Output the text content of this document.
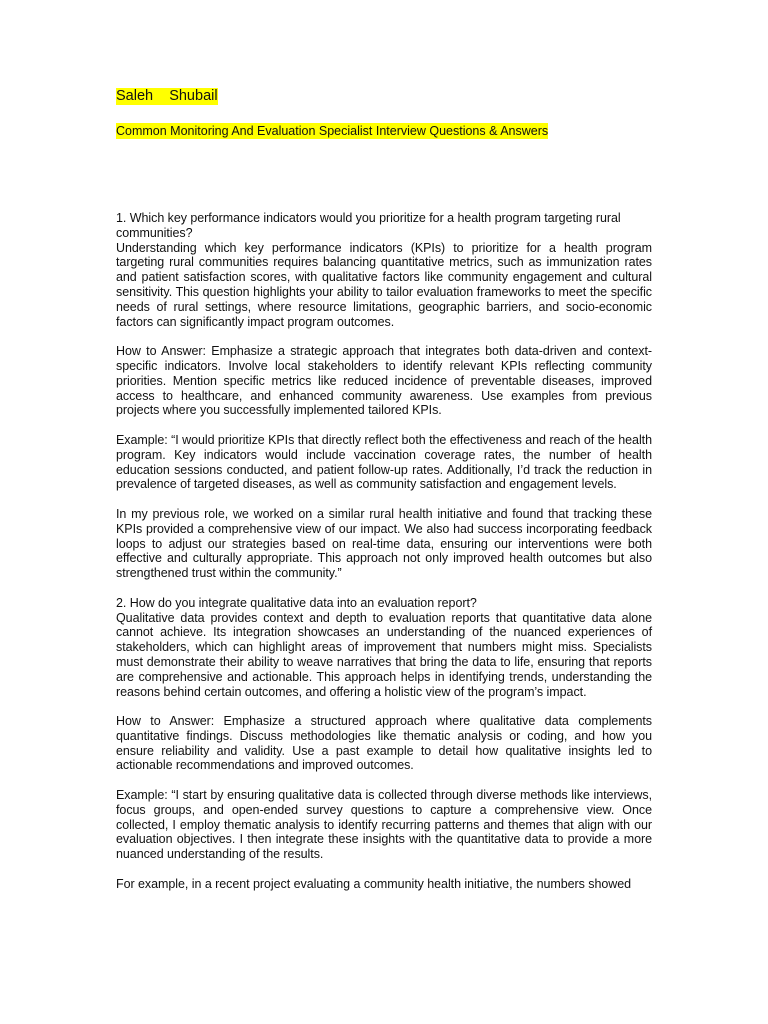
Saleh    Shubail
Common Monitoring And Evaluation Specialist Interview Questions & Answers

1. Which key performance indicators would you prioritize for a health program targeting rural communities?

Understanding which key performance indicators (KPIs) to prioritize for a health program targeting rural communities requires balancing quantitative metrics, such as immunization rates and patient satisfaction scores, with qualitative factors like community engagement and cultural sensitivity. This question highlights your ability to tailor evaluation frameworks to meet the specific needs of rural settings, where resource limitations, geographic barriers, and socio-economic factors can significantly impact program outcomes.

How to Answer: Emphasize a strategic approach that integrates both data-driven and context-specific indicators. Involve local stakeholders to identify relevant KPIs reflecting community priorities. Mention specific metrics like reduced incidence of preventable diseases, improved access to healthcare, and enhanced community awareness. Use examples from previous projects where you successfully implemented tailored KPIs.

Example: “I would prioritize KPIs that directly reflect both the effectiveness and reach of the health program. Key indicators would include vaccination coverage rates, the number of health education sessions conducted, and patient follow-up rates. Additionally, I’d track the reduction in prevalence of targeted diseases, as well as community satisfaction and engagement levels.

In my previous role, we worked on a similar rural health initiative and found that tracking these KPIs provided a comprehensive view of our impact. We also had success incorporating feedback loops to adjust our strategies based on real-time data, ensuring our interventions were both effective and culturally appropriate. This approach not only improved health outcomes but also strengthened trust within the community.”

2. How do you integrate qualitative data into an evaluation report?

Qualitative data provides context and depth to evaluation reports that quantitative data alone cannot achieve. Its integration showcases an understanding of the nuanced experiences of stakeholders, which can highlight areas of improvement that numbers might miss. Specialists must demonstrate their ability to weave narratives that bring the data to life, ensuring that reports are comprehensive and actionable. This approach helps in identifying trends, understanding the reasons behind certain outcomes, and offering a holistic view of the program’s impact.

How to Answer: Emphasize a structured approach where qualitative data complements quantitative findings. Discuss methodologies like thematic analysis or coding, and how you ensure reliability and validity. Use a past example to detail how qualitative insights led to actionable recommendations and improved outcomes.

Example: “I start by ensuring qualitative data is collected through diverse methods like interviews, focus groups, and open-ended survey questions to capture a comprehensive view. Once collected, I employ thematic analysis to identify recurring patterns and themes that align with our evaluation objectives. I then integrate these insights with the quantitative data to provide a more nuanced understanding of the results.

For example, in a recent project evaluating a community health initiative, the numbers showed
